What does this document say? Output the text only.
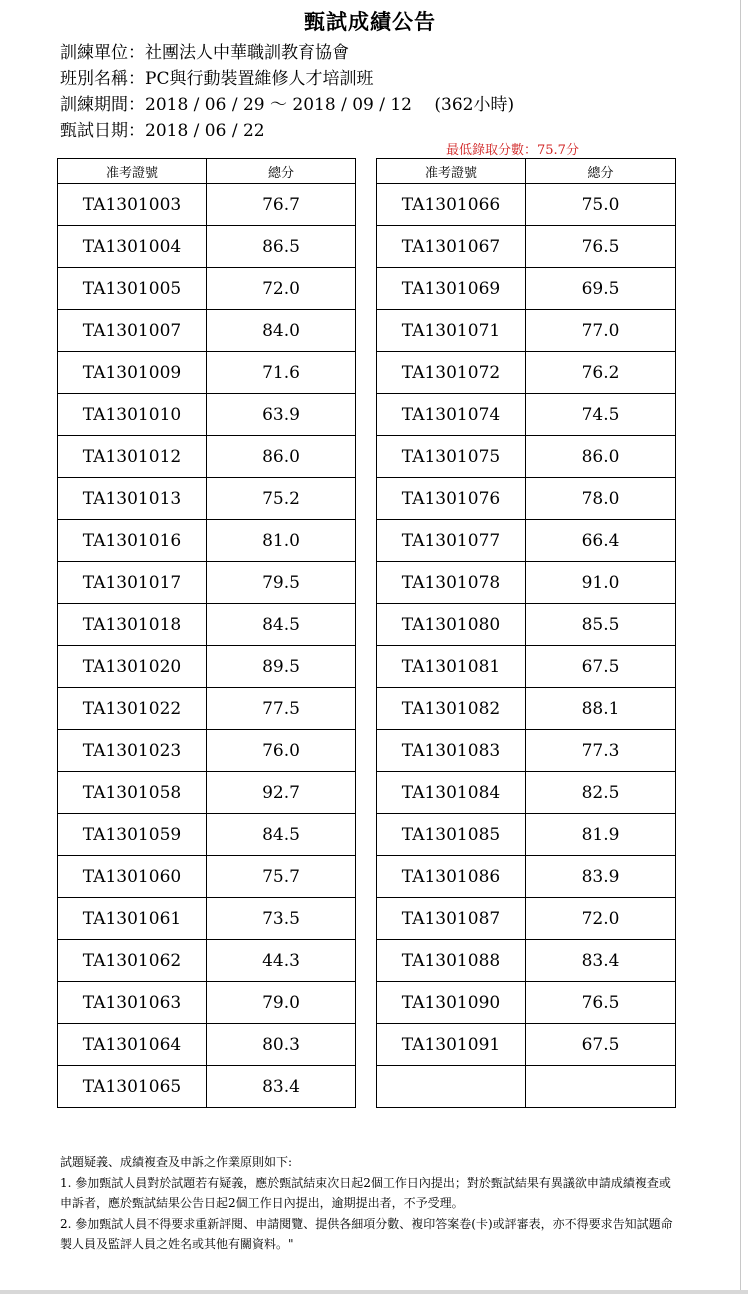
甄試成績公告
訓練單位：社團法人中華職訓教育協會
班別名稱：PC與行動裝置維修人才培訓班
訓練期間：2018 / 06 / 29 ～ 2018 / 09 / 12　 (362小時)
甄試日期：2018 / 06 / 22
最低錄取分數：75.7分
准考證號	總分
TA1301003	76.7
TA1301004	86.5
TA1301005	72.0
TA1301007	84.0
TA1301009	71.6
TA1301010	63.9
TA1301012	86.0
TA1301013	75.2
TA1301016	81.0
TA1301017	79.5
TA1301018	84.5
TA1301020	89.5
TA1301022	77.5
TA1301023	76.0
TA1301058	92.7
TA1301059	84.5
TA1301060	75.7
TA1301061	73.5
TA1301062	44.3
TA1301063	79.0
TA1301064	80.3
TA1301065	83.4
准考證號	總分
TA1301066	75.0
TA1301067	76.5
TA1301069	69.5
TA1301071	77.0
TA1301072	76.2
TA1301074	74.5
TA1301075	86.0
TA1301076	78.0
TA1301077	66.4
TA1301078	91.0
TA1301080	85.5
TA1301081	67.5
TA1301082	88.1
TA1301083	77.3
TA1301084	82.5
TA1301085	81.9
TA1301086	83.9
TA1301087	72.0
TA1301088	83.4
TA1301090	76.5
TA1301091	67.5

試題疑義、成績複查及申訴之作業原則如下:

1. 參加甄試人員對於試題若有疑義，應於甄試結束次日起2個工作日內提出；對於甄試結果有異議欲申請成績複查或申訴者，應於甄試結果公告日起2個工作日內提出，逾期提出者，不予受理。

2. 參加甄試人員不得要求重新評閱、申請閱覽、提供各細項分數、複印答案卷(卡)或評審表，亦不得要求告知試題命製人員及監評人員之姓名或其他有關資料。"
